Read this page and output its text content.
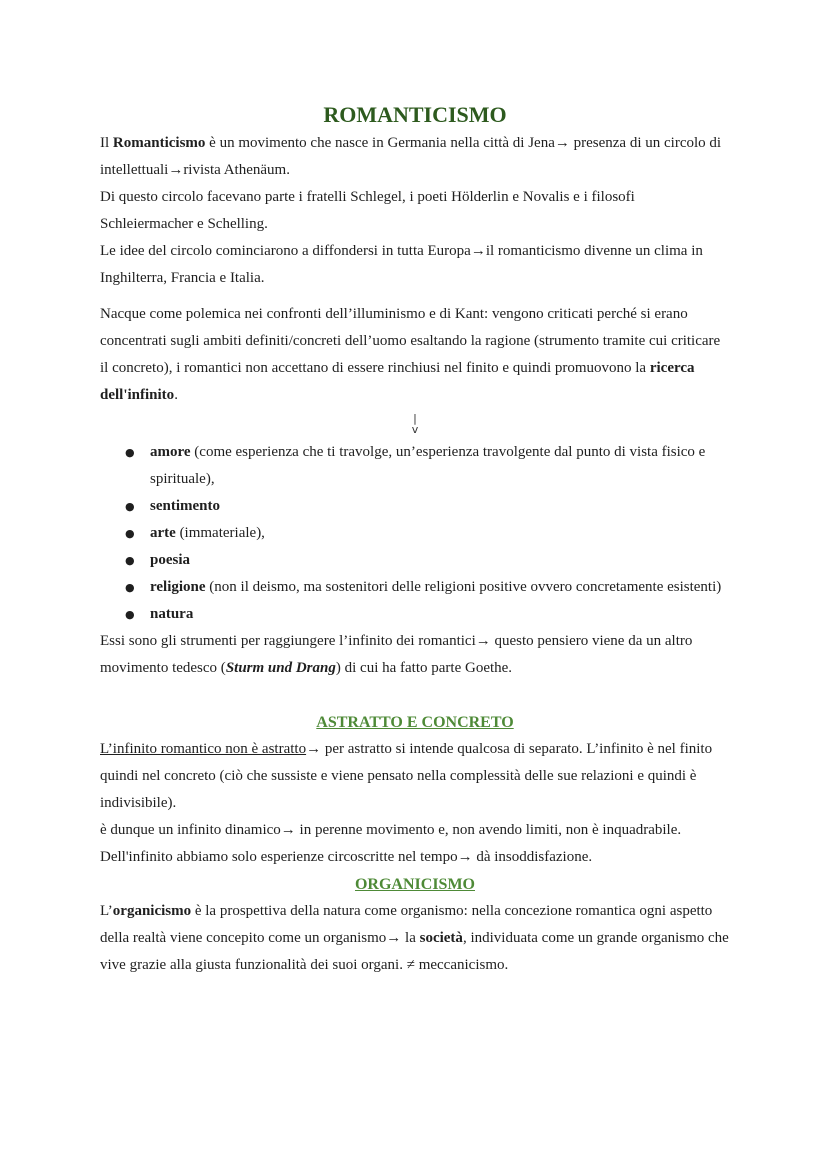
ROMANTICISMO

Il Romanticismo è un movimento che nasce in Germania nella città di Jena→ presenza di un circolo di intellettuali→rivista Athenäum.

Di questo circolo facevano parte i fratelli Schlegel, i poeti Hölderlin e Novalis e i filosofi Schleiermacher e Schelling.

Le idee del circolo cominciarono a diffondersi in tutta Europa→il romanticismo divenne un clima in Inghilterra, Francia e Italia.

Nacque come polemica nei confronti dell’illuminismo e di Kant: vengono criticati perché si erano concentrati sugli ambiti definiti/concreti dell’uomo esaltando la ragione (strumento tramite cui criticare il concreto), i romantici non accettano di essere rinchiusi nel finito e quindi promuovono la ricerca dell'infinito.

|
v
● amore (come esperienza che ti travolge, un’esperienza travolgente dal punto di vista fisico e spirituale),
● sentimento
● arte (immateriale),
● poesia
● religione (non il deismo, ma sostenitori delle religioni positive ovvero concretamente esistenti)
● natura

Essi sono gli strumenti per raggiungere l’infinito dei romantici→ questo pensiero viene da un altro movimento tedesco (Sturm und Drang) di cui ha fatto parte Goethe.

ASTRATTO E CONCRETO

L’infinito romantico non è astratto→ per astratto si intende qualcosa di separato. L’infinito è nel finito quindi nel concreto (ciò che sussiste e viene pensato nella complessità delle sue relazioni e quindi è indivisibile).

è dunque un infinito dinamico→ in perenne movimento e, non avendo limiti, non è inquadrabile. Dell'infinito abbiamo solo esperienze circoscritte nel tempo→ dà insoddisfazione.

ORGANICISMO

L’organicismo è la prospettiva della natura come organismo: nella concezione romantica ogni aspetto della realtà viene concepito come un organismo→ la società, individuata come un grande organismo che vive grazie alla giusta funzionalità dei suoi organi. ≠ meccanicismo.
